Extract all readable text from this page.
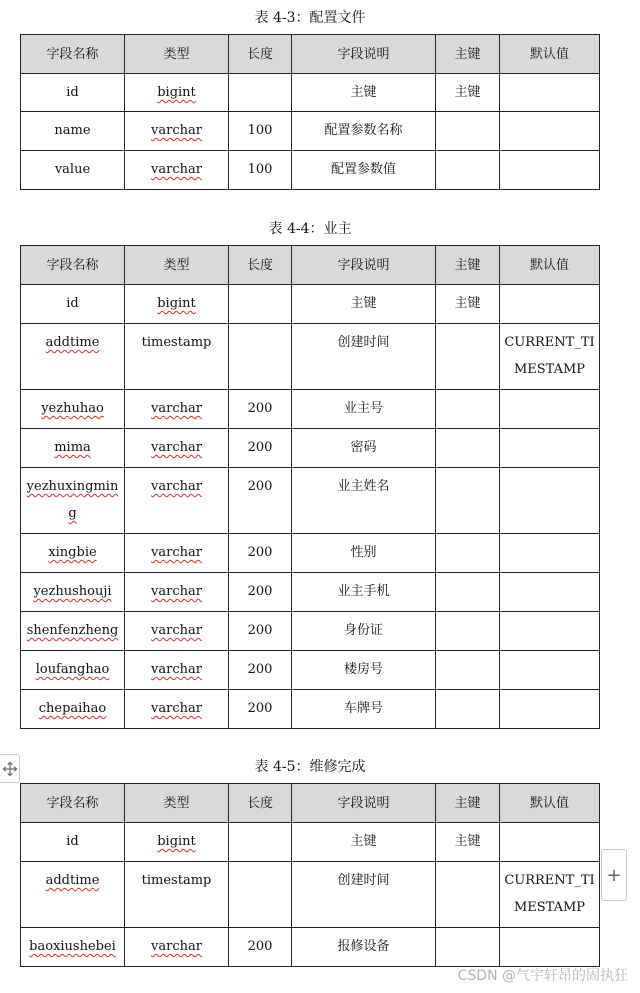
表 4-3：配置文件
字段名称	类型	长度	字段说明	主键	默认值
id	bigint		主键	主键	
name	varchar	100	配置参数名称		
value	varchar	100	配置参数值		
表 4-4：业主
字段名称	类型	长度	字段说明	主键	默认值
id	bigint		主键	主键	
addtime	timestamp		创建时间		CURRENT_TIMESTAMP
yezhuhao	varchar	200	业主号		
mima	varchar	200	密码		
yezhuxingming	varchar	200	业主姓名		
xingbie	varchar	200	性别		
yezhushouji	varchar	200	业主手机		
shenfenzheng	varchar	200	身份证		
loufanghao	varchar	200	楼房号		
chepaihao	varchar	200	车牌号		
表 4-5：维修完成
字段名称	类型	长度	字段说明	主键	默认值
id	bigint		主键	主键	
addtime	timestamp		创建时间		CURRENT_TIMESTAMP
baoxiushebei	varchar	200	报修设备		
+
CSDN @气宇轩昂的固执狂
